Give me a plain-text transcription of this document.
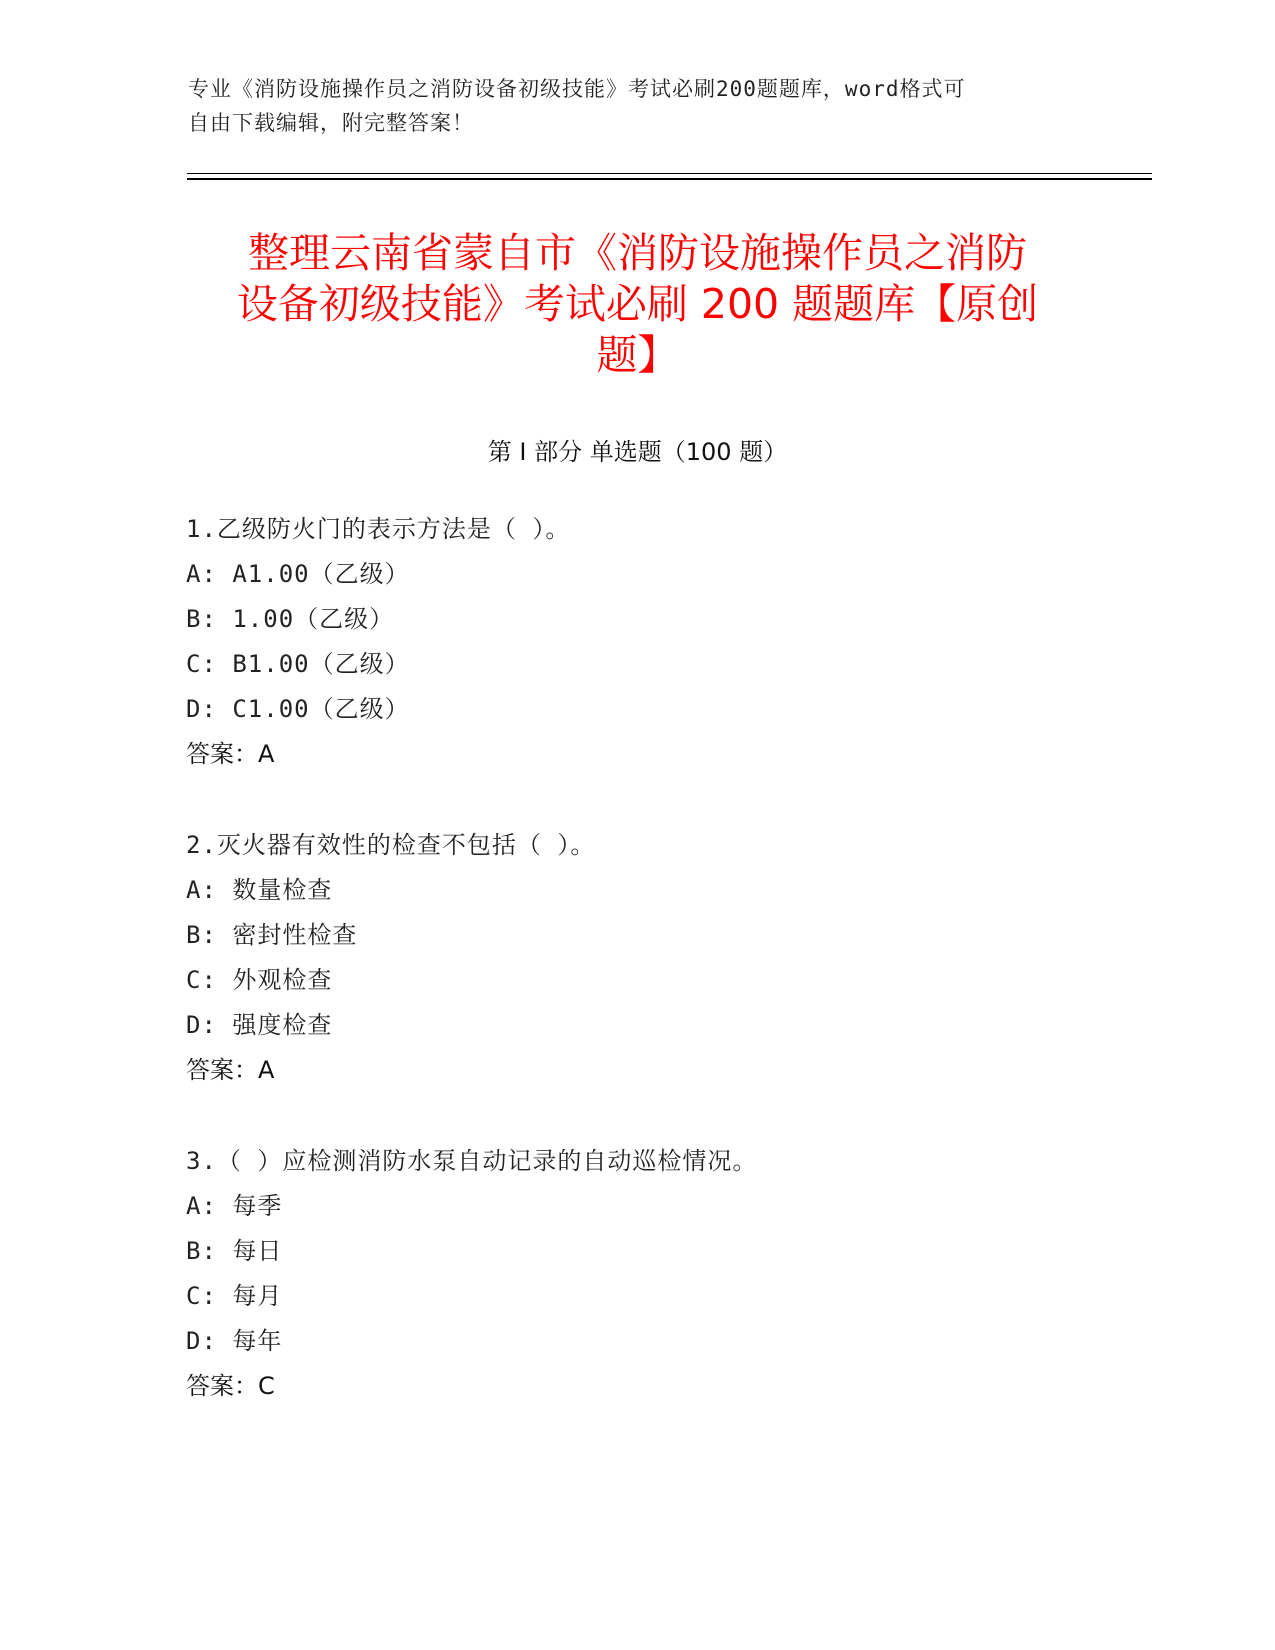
专业《消防设施操作员之消防设备初级技能》考试必刷200题题库，word格式可
自由下载编辑，附完整答案！
整理云南省蒙自市《消防设施操作员之消防
设备初级技能》考试必刷 200 题题库【原创
题】
第 I 部分 单选题（100 题）
1.乙级防火门的表示方法是（ ）。
A: A1.00（乙级）
B: 1.00（乙级）
C: B1.00（乙级）
D: C1.00（乙级）
答案：A
2.灭火器有效性的检查不包括（ ）。
A: 数量检查
B: 密封性检查
C: 外观检查
D: 强度检查
答案：A
3.（ ）应检测消防水泵自动记录的自动巡检情况。
A: 每季
B: 每日
C: 每月
D: 每年
答案：C
